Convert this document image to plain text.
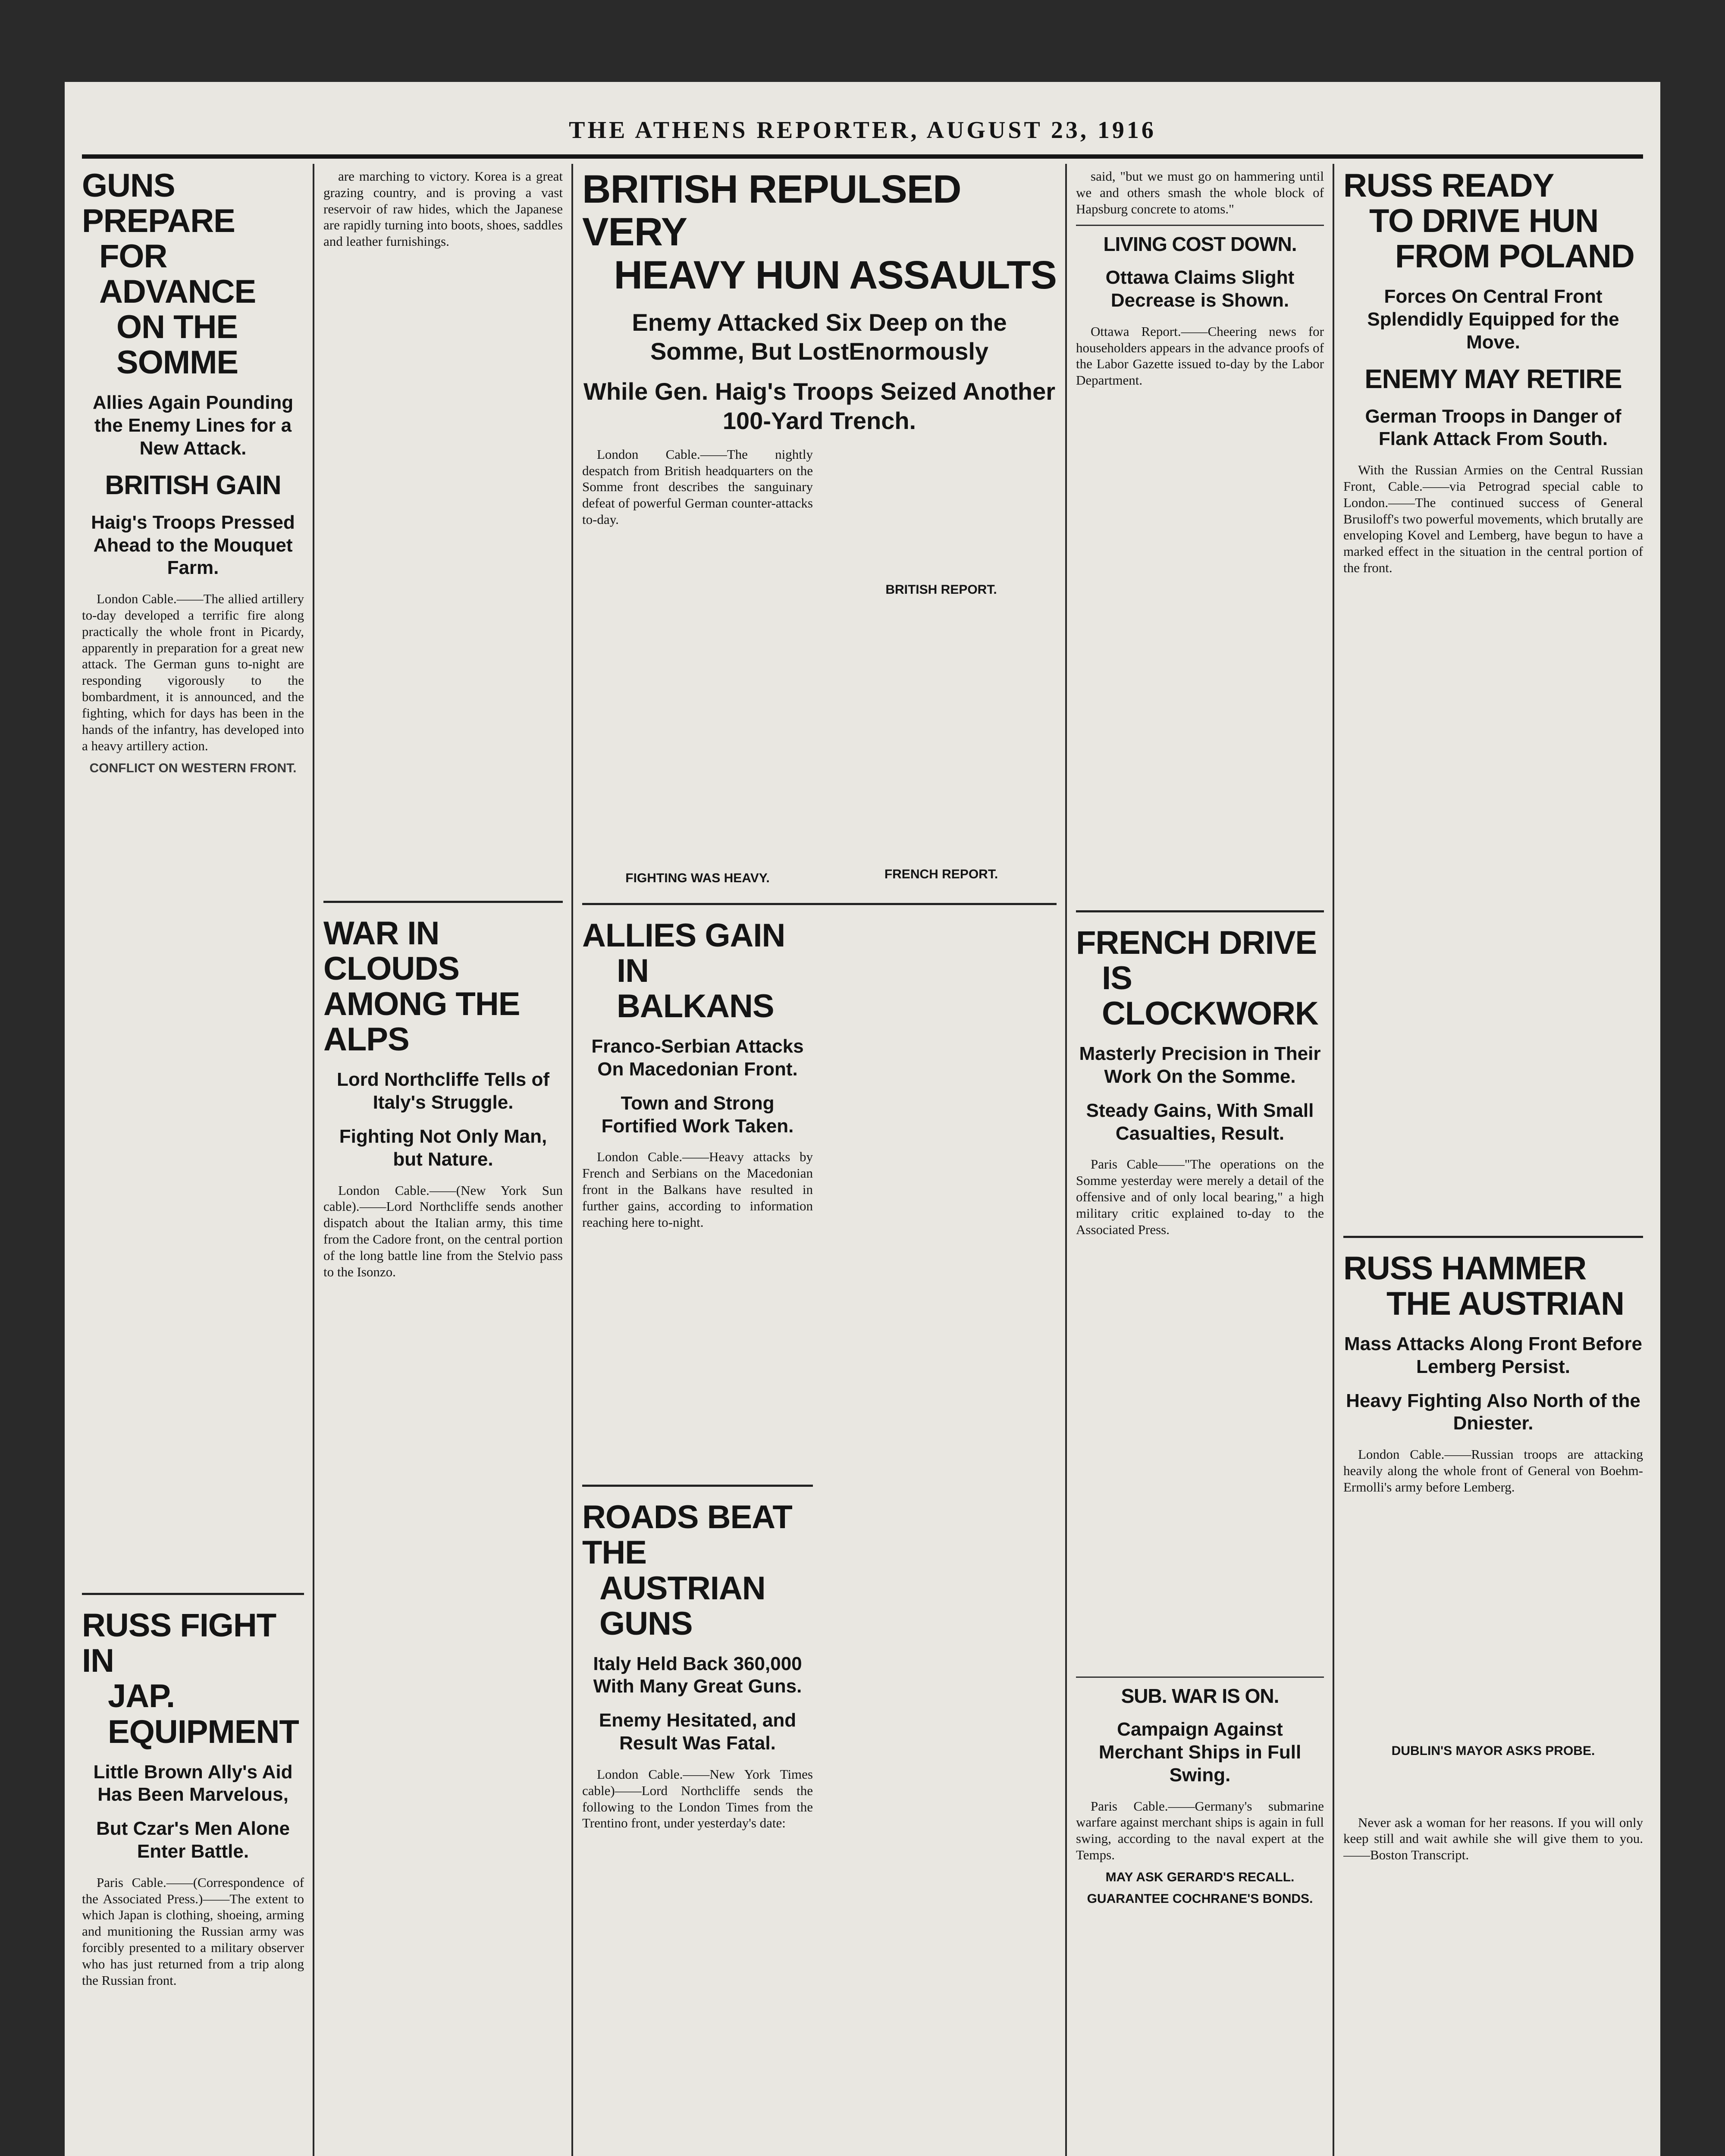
THE ATHENS REPORTER, AUGUST 23, 1916
GUNS PREPARE
FOR ADVANCE
ON THE SOMME
Allies Again Pounding the Enemy Lines for a New Attack.
BRITISH GAIN
Haig's Troops Pressed Ahead to the Mouquet Farm.

London Cable.——The allied artillery to-day developed a terrific fire along practically the whole front in Picardy, apparently in preparation for a great new attack. The German guns to-night are responding vigorously to the bombardment, it is announced, and the fighting, which for days has been in the hands of the infantry, has developed into a heavy artillery action.

CONFLICT ON WESTERN FRONT.
RUSS FIGHT IN
JAP. EQUIPMENT
Little Brown Ally's Aid Has Been Marvelous,
But Czar's Men Alone Enter Battle.

Paris Cable.——(Correspondence of the Associated Press.)——The extent to which Japan is clothing, shoeing, arming and munitioning the Russian army was forcibly presented to a military observer who has just returned from a trip along the Russian front.

are marching to victory. Korea is a great grazing country, and is proving a vast reservoir of raw hides, which the Japanese are rapidly turning into boots, shoes, saddles and leather furnishings.

WAR IN CLOUDS
AMONG THE ALPS
Lord Northcliffe Tells of Italy's Struggle.
Fighting Not Only Man, but Nature.

London Cable.——(New York Sun cable).——Lord Northcliffe sends another dispatch about the Italian army, this time from the Cadore front, on the central portion of the long battle line from the Stelvio pass to the Isonzo.

BRITISH REPULSED VERY
HEAVY HUN ASSAULTS
Enemy Attacked Six Deep on the Somme, But LostEnormously
While Gen. Haig's Troops Seized Another 100-Yard Trench.

London Cable.——The nightly despatch from British headquarters on the Somme front describes the sanguinary defeat of powerful German counter-attacks to-day.

FIGHTING WAS HEAVY.
BRITISH REPORT.
FRENCH REPORT.
ALLIES GAIN
IN BALKANS
Franco-Serbian Attacks On Macedonian Front.
Town and Strong Fortified Work Taken.

London Cable.——Heavy attacks by French and Serbians on the Macedonian front in the Balkans have resulted in further gains, according to information reaching here to-night.

ROADS BEAT THE
AUSTRIAN GUNS
Italy Held Back 360,000 With Many Great Guns.
Enemy Hesitated, and Result Was Fatal.

London Cable.——New York Times cable)——Lord Northcliffe sends the following to the London Times from the Trentino front, under yesterday's date:

said, "but we must go on hammering until we and others smash the whole block of Hapsburg concrete to atoms."

LIVING COST DOWN.
Ottawa Claims Slight Decrease is Shown.

Ottawa Report.——Cheering news for householders appears in the advance proofs of the Labor Gazette issued to-day by the Labor Department.

FRENCH DRIVE
IS CLOCKWORK
Masterly Precision in Their Work On the Somme.
Steady Gains, With Small Casualties, Result.

Paris Cable——"The operations on the Somme yesterday were merely a detail of the offensive and of only local bearing," a high military critic explained to-day to the Associated Press.

SUB. WAR IS ON.
Campaign Against Merchant Ships in Full Swing.

Paris Cable.——Germany's submarine warfare against merchant ships is again in full swing, according to the naval expert at the Temps.

MAY ASK GERARD'S RECALL.
GUARANTEE COCHRANE'S BONDS.
RUSS READY
TO DRIVE HUN
FROM POLAND
Forces On Central Front Splendidly Equipped for the Move.
ENEMY MAY RETIRE
German Troops in Danger of Flank Attack From South.

With the Russian Armies on the Central Russian Front, Cable.——via Petrograd special cable to London.——The continued success of General Brusiloff's two powerful movements, which brutally are enveloping Kovel and Lemberg, have begun to have a marked effect in the situation in the central portion of the front.

RUSS HAMMER
THE AUSTRIAN
Mass Attacks Along Front Before Lemberg Persist.
Heavy Fighting Also North of the Dniester.

London Cable.——Russian troops are attacking heavily along the whole front of General von Boehm-Ermolli's army before Lemberg.

DUBLIN'S MAYOR ASKS PROBE.

Never ask a woman for her reasons. If you will only keep still and wait awhile she will give them to you.——Boston Transcript.
